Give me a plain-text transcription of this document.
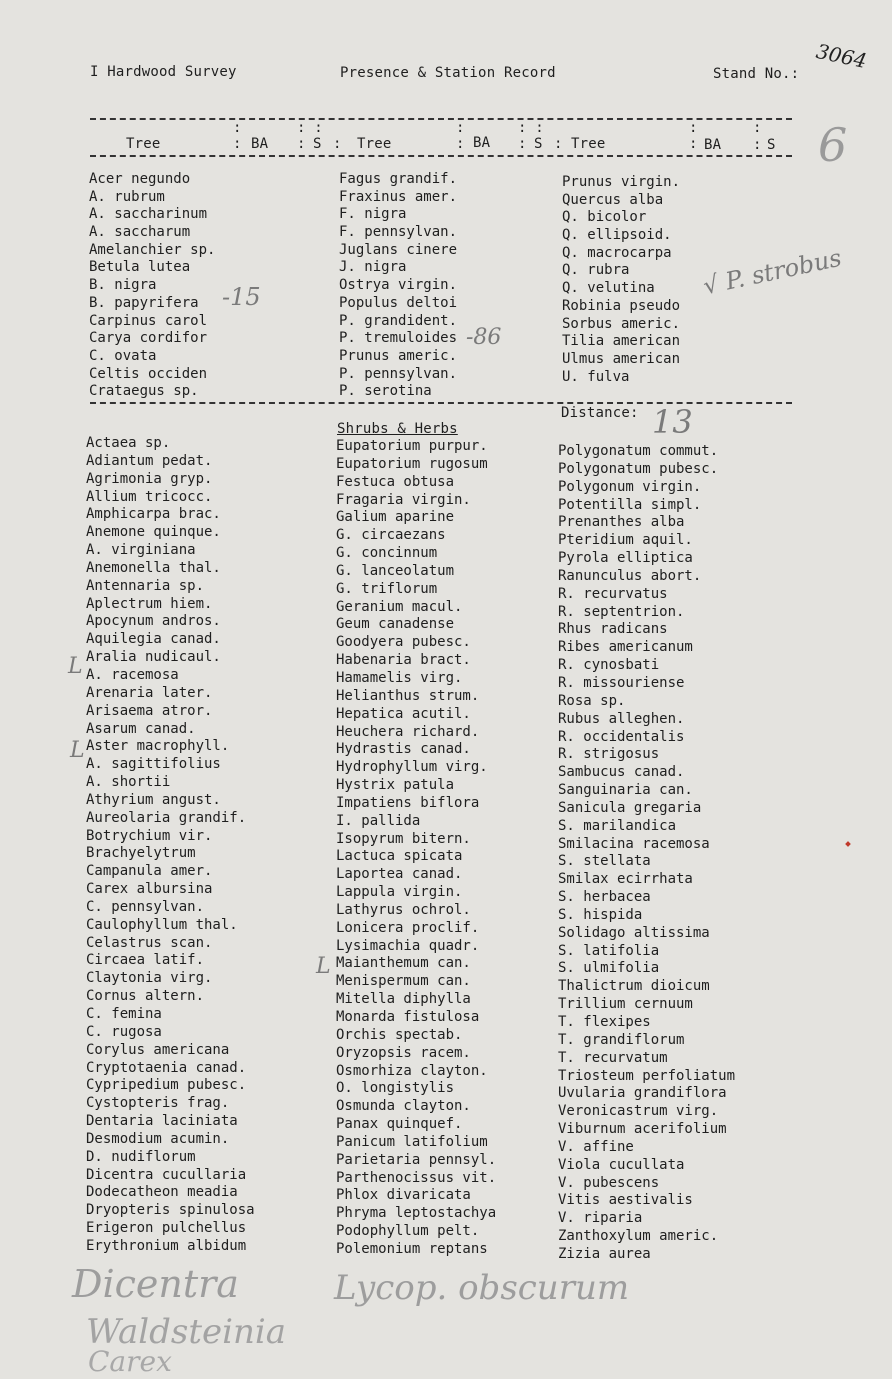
I Hardwood Survey	Presence & Station Record	Stand No.:
3064
6
:	: :	:	: :	:	:
Tree	: BA : S : Tree	: BA : S : Tree	: BA : S
Acer negundo
A. rubrum
A. saccharinum
A. saccharum
Amelanchier sp.
Betula lutea
B. nigra
B. papyrifera
Carpinus carol
Carya cordifor
C. ovata
Celtis occiden
Crataegus sp.
Fagus grandif.
Fraxinus amer.
F. nigra
F. pennsylvan.
Juglans cinere
J. nigra
Ostrya virgin.
Populus deltoi
P. grandident.
P. tremuloides
Prunus americ.
P. pennsylvan.
P. serotina
Prunus virgin.
Quercus alba
Q. bicolor
Q. ellipsoid.
Q. macrocarpa
Q. rubra
Q. velutina
Robinia pseudo
Sorbus americ.
Tilia american
Ulmus american
U. fulva
-15
-86
√ P. strobus
Distance: 13
Shrubs & Herbs
Actaea sp.
Adiantum pedat.
Agrimonia gryp.
Allium tricocc.
Amphicarpa brac.
Anemone quinque.
A. virginiana
Anemonella thal.
Antennaria sp.
Aplectrum hiem.
Apocynum andros.
Aquilegia canad.
Aralia nudicaul.
A. racemosa
Arenaria later.
Arisaema atror.
Asarum canad.
Aster macrophyll.
A. sagittifolius
A. shortii
Athyrium angust.
Aureolaria grandif.
Botrychium vir.
Brachyelytrum
Campanula amer.
Carex albursina
C. pennsylvan.
Caulophyllum thal.
Celastrus scan.
Circaea latif.
Claytonia virg.
Cornus altern.
C. femina
C. rugosa
Corylus americana
Cryptotaenia canad.
Cypripedium pubesc.
Cystopteris frag.
Dentaria laciniata
Desmodium acumin.
D. nudiflorum
Dicentra cucullaria
Dodecatheon meadia
Dryopteris spinulosa
Erigeron pulchellus
Erythronium albidum
Eupatorium purpur.
Eupatorium rugosum
Festuca obtusa
Fragaria virgin.
Galium aparine
G. circaezans
G. concinnum
G. lanceolatum
G. triflorum
Geranium macul.
Geum canadense
Goodyera pubesc.
Habenaria bract.
Hamamelis virg.
Helianthus strum.
Hepatica acutil.
Heuchera richard.
Hydrastis canad.
Hydrophyllum virg.
Hystrix patula
Impatiens biflora
I. pallida
Isopyrum bitern.
Lactuca spicata
Laportea canad.
Lappula virgin.
Lathyrus ochrol.
Lonicera proclif.
Lysimachia quadr.
Maianthemum can.
Menispermum can.
Mitella diphylla
Monarda fistulosa
Orchis spectab.
Oryzopsis racem.
Osmorhiza clayton.
O. longistylis
Osmunda clayton.
Panax quinquef.
Panicum latifolium
Parietaria pennsyl.
Parthenocissus vit.
Phlox divaricata
Phryma leptostachya
Podophyllum pelt.
Polemonium reptans
Polygonatum commut.
Polygonatum pubesc.
Polygonum virgin.
Potentilla simpl.
Prenanthes alba
Pteridium aquil.
Pyrola elliptica
Ranunculus abort.
R. recurvatus
R. septentrion.
Rhus radicans
Ribes americanum
R. cynosbati
R. missouriense
Rosa sp.
Rubus alleghen.
R. occidentalis
R. strigosus
Sambucus canad.
Sanguinaria can.
Sanicula gregaria
S. marilandica
Smilacina racemosa
S. stellata
Smilax ecirrhata
S. herbacea
S. hispida
Solidago altissima
S. latifolia
S. ulmifolia
Thalictrum dioicum
Trillium cernuum
T. flexipes
T. grandiflorum
T. recurvatum
Triosteum perfoliatum
Uvularia grandiflora
Veronicastrum virg.
Viburnum acerifolium
V. affine
Viola cucullata
V. pubescens
Vitis aestivalis
V. riparia
Zanthoxylum americ.
Zizia aurea
L
L
L
Dicentra	Lycop. obscurum
Waldsteinia
Carex
